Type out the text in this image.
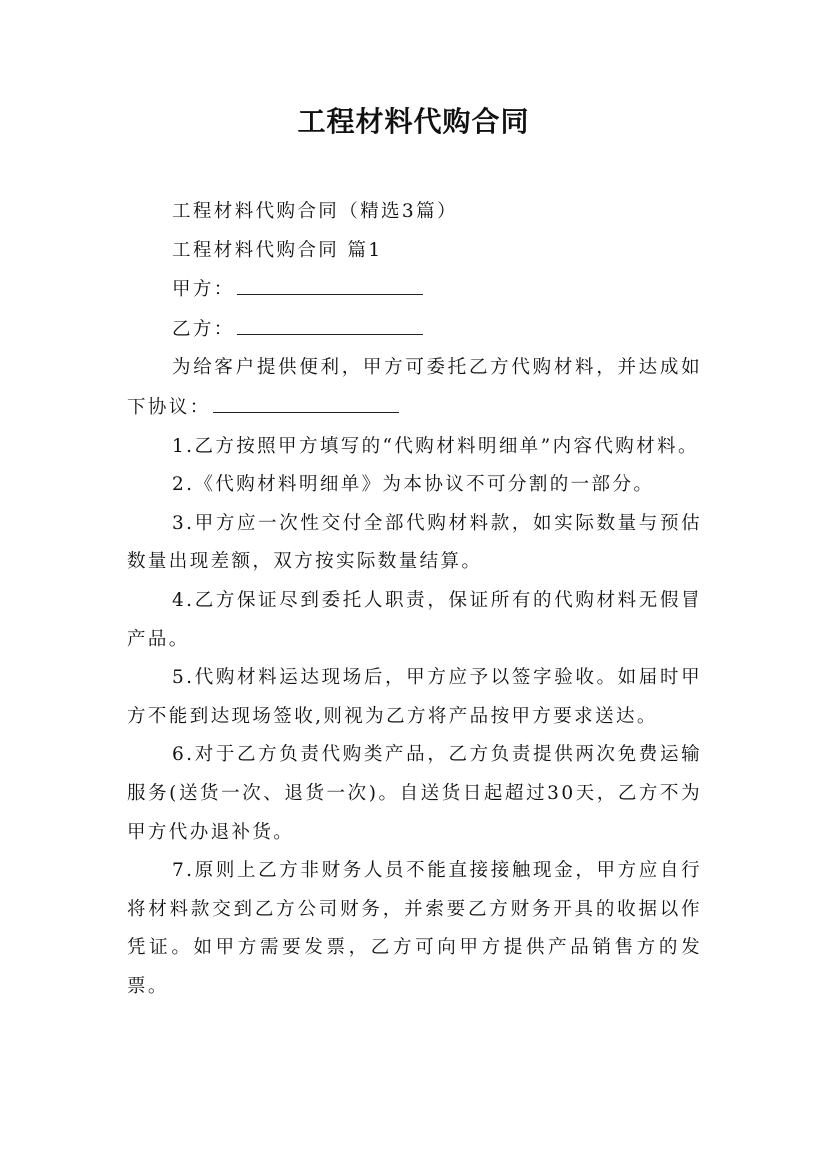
工程材料代购合同

工程材料代购合同（精选3篇）

工程材料代购合同 篇1

甲方：

乙方：

为给客户提供便利，甲方可委托乙方代购材料，并达成如下协议：

1.乙方按照甲方填写的“代购材料明细单”内容代购材料。

2.《代购材料明细单》为本协议不可分割的一部分。

3.甲方应一次性交付全部代购材料款，如实际数量与预估数量出现差额，双方按实际数量结算。

4.乙方保证尽到委托人职责，保证所有的代购材料无假冒产品。

5.代购材料运达现场后，甲方应予以签字验收。如届时甲方不能到达现场签收,则视为乙方将产品按甲方要求送达。

6.对于乙方负责代购类产品，乙方负责提供两次免费运输服务(送货一次、退货一次)。自送货日起超过30天，乙方不为甲方代办退补货。

7.原则上乙方非财务人员不能直接接触现金，甲方应自行将材料款交到乙方公司财务，并索要乙方财务开具的收据以作凭证。如甲方需要发票，乙方可向甲方提供产品销售方的发票。
